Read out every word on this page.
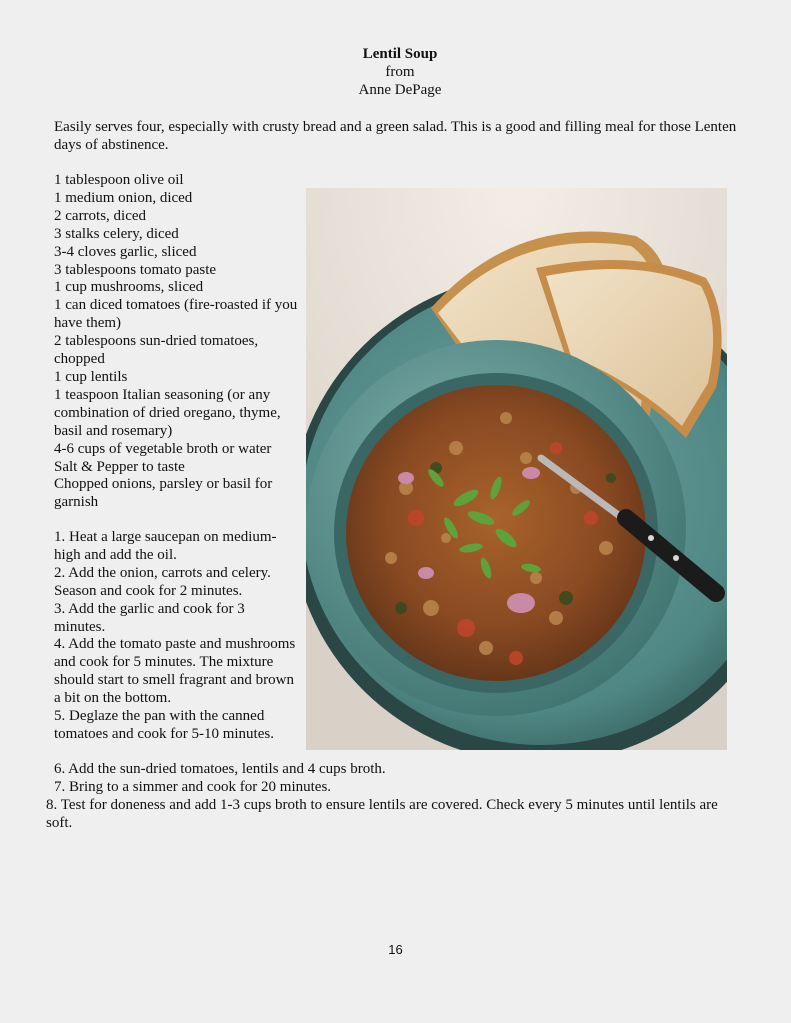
Lentil Soup
from
Anne DePage
Easily serves four, especially with crusty bread and a green salad. This is a good and filling meal for those Lenten days of abstinence.
1 tablespoon olive oil
1 medium onion, diced
2 carrots, diced
3 stalks celery, diced
3-4 cloves garlic, sliced
3 tablespoons tomato paste
1 cup mushrooms, sliced
1 can diced tomatoes (fire-roasted if you have them)
2 tablespoons sun-dried tomatoes, chopped
1 cup lentils
1 teaspoon Italian seasoning (or any combination of dried oregano, thyme, basil and rosemary)
4-6 cups of vegetable broth or water
Salt & Pepper to taste
Chopped onions, parsley or basil for garnish
1. Heat a large saucepan on medium-high and add the oil.
2. Add the onion, carrots and celery. Season and cook for 2 minutes.
3. Add the garlic and cook for 3 minutes.
4. Add the tomato paste and mushrooms and cook for 5 minutes. The mixture should start to smell fragrant and brown a bit on the bottom.
5. Deglaze the pan with the canned tomatoes and cook for 5-10 minutes.
6. Add the sun-dried tomatoes, lentils and 4 cups broth.
7. Bring to a simmer and cook for 20 minutes.
8. Test for doneness and add 1-3 cups broth to ensure lentils are covered. Check every 5 minutes until lentils are soft.
16
